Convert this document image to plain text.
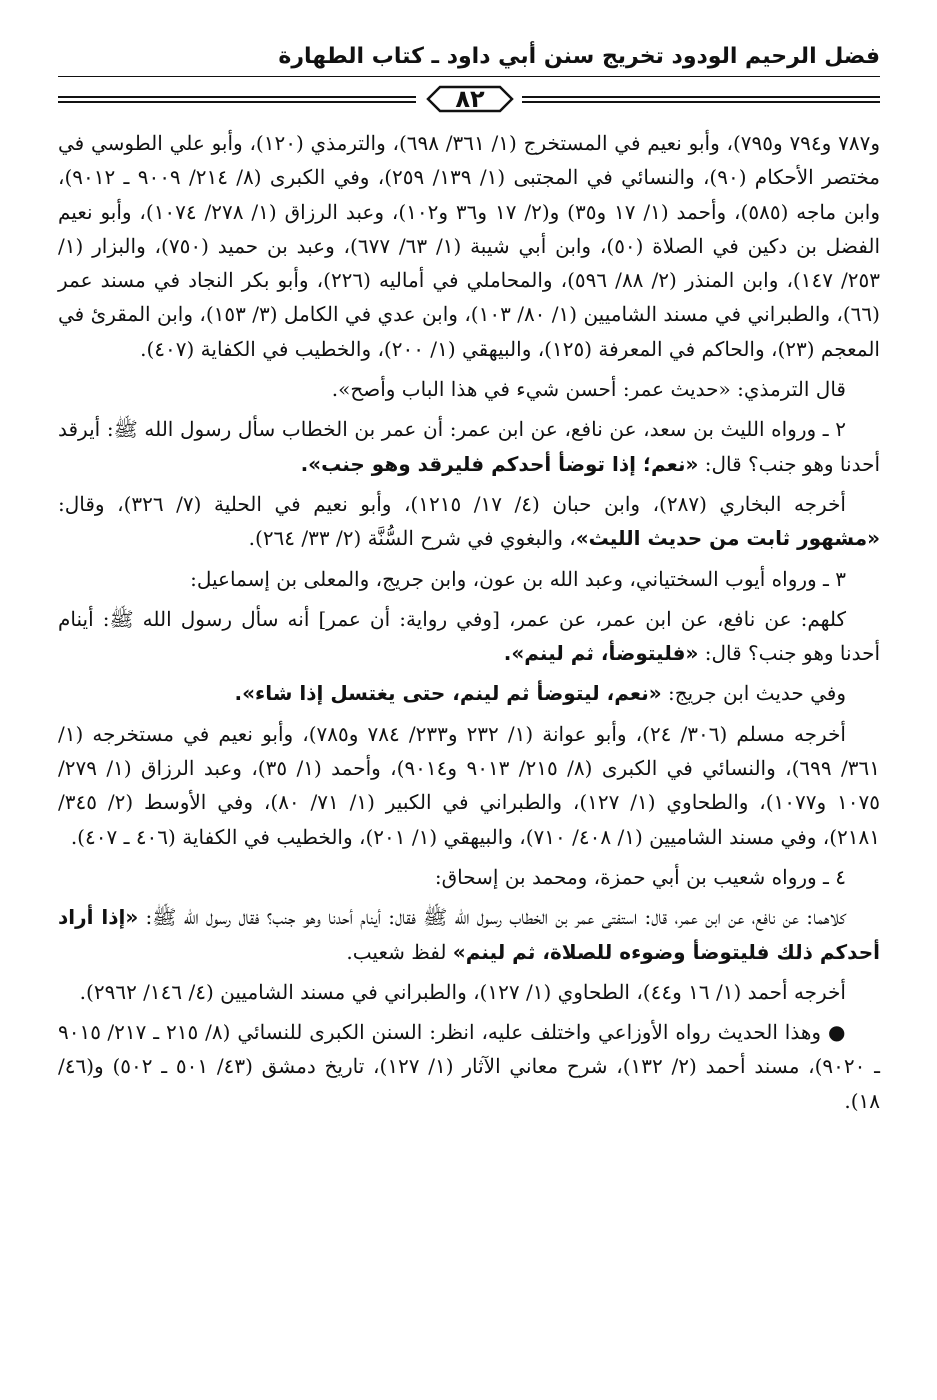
فضل الرحيم الودود تخريج سنن أبي داود ـ كتاب الطهارة
٨٢

و٧٨٧ و٧٩٤ و٧٩٥)، وأبو نعيم في المستخرج (١/ ٣٦١/ ٦٩٨)، والترمذي (١٢٠)، وأبو علي الطوسي في مختصر الأحكام (٩٠)، والنسائي في المجتبى (١/ ١٣٩/ ٢٥٩)، وفي الكبرى (٨/ ٢١٤/ ٩٠٠٩ ـ ٩٠١٢)، وابن ماجه (٥٨٥)، وأحمد (١/ ١٧ و٣٥) و(٢/ ١٧ و٣٦ و١٠٢)، وعبد الرزاق (١/ ٢٧٨/ ١٠٧٤)، وأبو نعيم الفضل بن دكين في الصلاة (٥٠)، وابن أبي شيبة (١/ ٦٣/ ٦٧٧)، وعبد بن حميد (٧٥٠)، والبزار (١/ ٢٥٣/ ١٤٧)، وابن المنذر (٢/ ٨٨/ ٥٩٦)، والمحاملي في أماليه (٢٢٦)، وأبو بكر النجاد في مسند عمر (٦٦)، والطبراني في مسند الشاميين (١/ ٨٠/ ١٠٣)، وابن عدي في الكامل (٣/ ١٥٣)، وابن المقرئ في المعجم (٢٣)، والحاكم في المعرفة (١٢٥)، والبيهقي (١/ ٢٠٠)، والخطيب في الكفاية (٤٠٧).

قال الترمذي: «حديث عمر: أحسن شيء في هذا الباب وأصح».

٢ ـ ورواه الليث بن سعد، عن نافع، عن ابن عمر: أن عمر بن الخطاب سأل رسول الله ﷺ: أيرقد أحدنا وهو جنب؟ قال: «نعم؛ إذا توضأ أحدكم فليرقد وهو جنب».

أخرجه البخاري (٢٨٧)، وابن حبان (٤/ ١٧/ ١٢١٥)، وأبو نعيم في الحلية (٧/ ٣٢٦)، وقال: «مشهور ثابت من حديث الليث»، والبغوي في شرح السُّنَّة (٢/ ٣٣/ ٢٦٤).

٣ ـ ورواه أيوب السختياني، وعبد الله بن عون، وابن جريج، والمعلى بن إسماعيل:

كلهم: عن نافع، عن ابن عمر، عن عمر، [وفي رواية: أن عمر] أنه سأل رسول الله ﷺ: أينام أحدنا وهو جنب؟ قال: «فليتوضأ، ثم لينم».

وفي حديث ابن جريج: «نعم، ليتوضأ ثم لينم، حتى يغتسل إذا شاء».

أخرجه مسلم (٣٠٦/ ٢٤)، وأبو عوانة (١/ ٢٣٢ و٢٣٣/ ٧٨٤ و٧٨٥)، وأبو نعيم في مستخرجه (١/ ٣٦١/ ٦٩٩)، والنسائي في الكبرى (٨/ ٢١٥/ ٩٠١٣ و٩٠١٤)، وأحمد (١/ ٣٥)، وعبد الرزاق (١/ ٢٧٩/ ١٠٧٥ و١٠٧٧)، والطحاوي (١/ ١٢٧)، والطبراني في الكبير (١/ ٧١/ ٨٠)، وفي الأوسط (٢/ ٣٤٥/ ٢١٨١)، وفي مسند الشاميين (١/ ٤٠٨/ ٧١٠)، والبيهقي (١/ ٢٠١)، والخطيب في الكفاية (٤٠٦ ـ ٤٠٧).

٤ ـ ورواه شعيب بن أبي حمزة، ومحمد بن إسحاق:

كلاهما: عن نافع، عن ابن عمر، قال: استفتى عمر بن الخطاب رسول الله ﷺ فقال: أينام أحدنا وهو جنب؟ فقال رسول الله ﷺ: «إذا أراد أحدكم ذلك فليتوضأ وضوءه للصلاة، ثم لينم» لفظ شعيب.

أخرجه أحمد (١/ ١٦ و٤٤)، الطحاوي (١/ ١٢٧)، والطبراني في مسند الشاميين (٤/ ١٤٦/ ٢٩٦٢).

● وهذا الحديث رواه الأوزاعي واختلف عليه، انظر: السنن الكبرى للنسائي (٨/ ٢١٥ ـ ٢١٧/ ٩٠١٥ ـ ٩٠٢٠)، مسند أحمد (٢/ ١٣٢)، شرح معاني الآثار (١/ ١٢٧)، تاريخ دمشق (٤٣/ ٥٠١ ـ ٥٠٢) و(٤٦/ ١٨).
